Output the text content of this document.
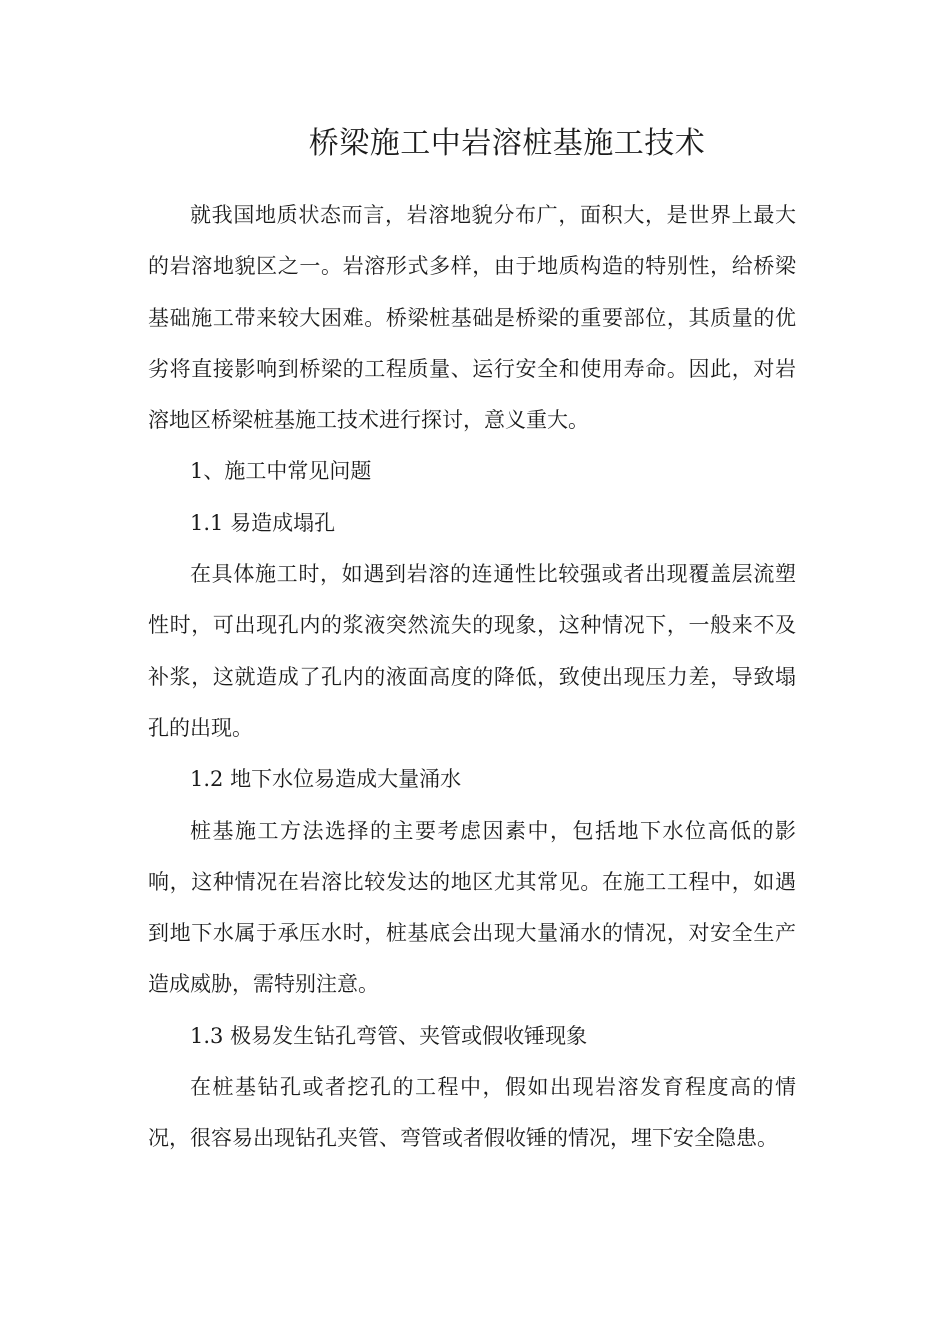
桥梁施工中岩溶桩基施工技术

就我国地质状态而言，岩溶地貌分布广，面积大，是世界上最大的岩溶地貌区之一。岩溶形式多样，由于地质构造的特别性，给桥梁基础施工带来较大困难。桥梁桩基础是桥梁的重要部位，其质量的优劣将直接影响到桥梁的工程质量、运行安全和使用寿命。因此，对岩溶地区桥梁桩基施工技术进行探讨，意义重大。

1、施工中常见问题

1.1 易造成塌孔

在具体施工时，如遇到岩溶的连通性比较强或者出现覆盖层流塑性时，可出现孔内的浆液突然流失的现象，这种情况下，一般来不及补浆，这就造成了孔内的液面高度的降低，致使出现压力差，导致塌孔的出现。

1.2 地下水位易造成大量涌水

桩基施工方法选择的主要考虑因素中，包括地下水位高低的影响，这种情况在岩溶比较发达的地区尤其常见。在施工工程中，如遇到地下水属于承压水时，桩基底会出现大量涌水的情况，对安全生产造成威胁，需特别注意。

1.3 极易发生钻孔弯管、夹管或假收锤现象

在桩基钻孔或者挖孔的工程中，假如出现岩溶发育程度高的情况，很容易出现钻孔夹管、弯管或者假收锤的情况，埋下安全隐患。
